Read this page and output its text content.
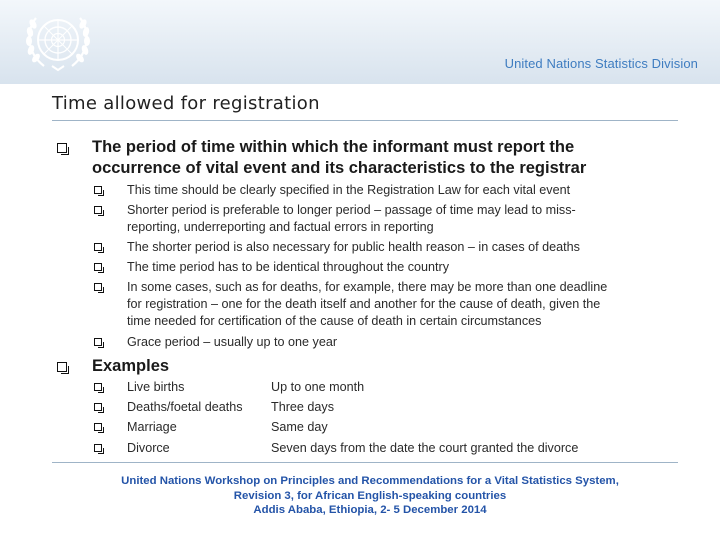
United Nations Statistics Division
Time allowed for registration
The period of time within which the informant must report the
occurrence of vital event and its characteristics to the registrar
This time should be clearly specified in the Registration Law for each vital event
Shorter period is preferable to longer period – passage of time may lead to miss-
reporting, underreporting and factual errors in reporting
The shorter period is also necessary for public health reason – in cases of deaths
The time period has to be identical throughout the country
In some cases, such as for deaths, for example, there may be more than one deadline
for registration – one for the death itself and another for the cause of death, given the
time needed for certification of the cause of death in certain circumstances
Grace period – usually up to one year
Examples
Live births	Up to one month
Deaths/foetal deaths	Three days
Marriage	Same day
Divorce	Seven days from the date the court granted the divorce
United Nations Workshop on Principles and Recommendations for a Vital Statistics System,
Revision 3, for African English-speaking countries
Addis Ababa, Ethiopia, 2- 5 December 2014
